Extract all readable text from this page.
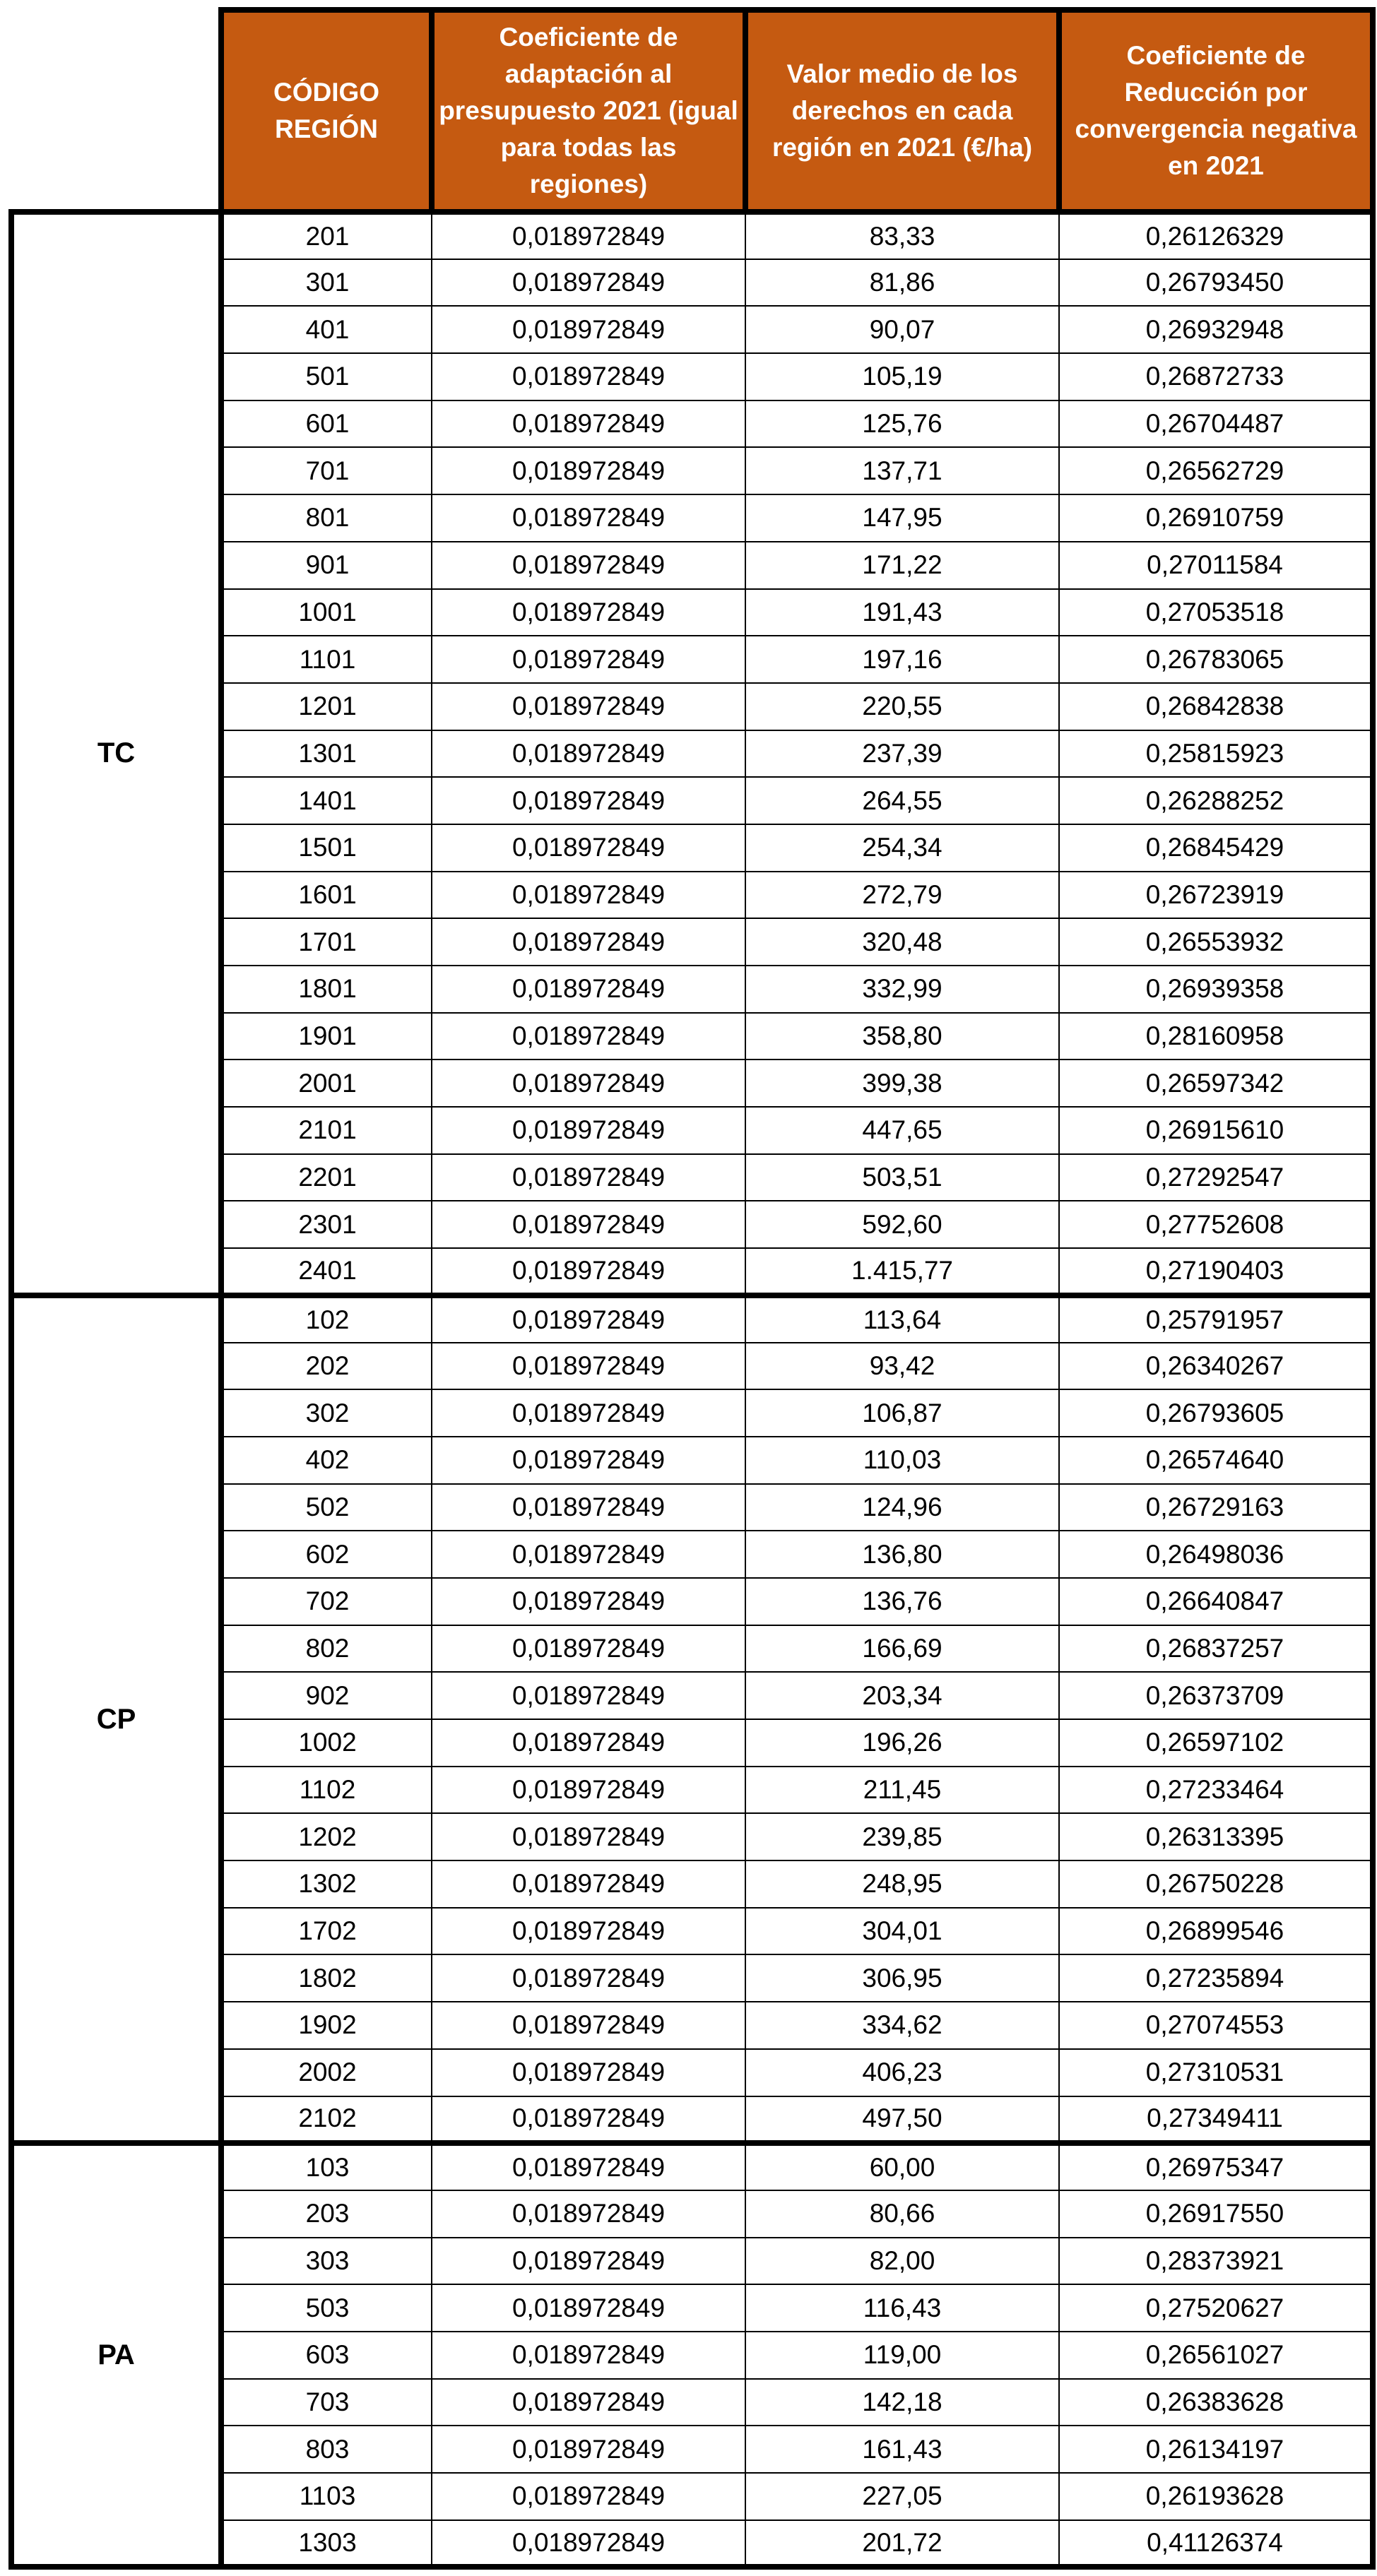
	CÓDIGO REGIÓN	Coeficiente de adaptación al presupuesto 2021 (igual para todas las regiones)	Valor medio de los derechos en cada región en 2021 (€/ha)	Coeficiente de Reducción por convergencia negativa en 2021

TC	201	0,018972849	83,33	0,26126329
	301	0,018972849	81,86	0,26793450
	401	0,018972849	90,07	0,26932948
	501	0,018972849	105,19	0,26872733
	601	0,018972849	125,76	0,26704487
	701	0,018972849	137,71	0,26562729
	801	0,018972849	147,95	0,26910759
	901	0,018972849	171,22	0,27011584
	1001	0,018972849	191,43	0,27053518
	1101	0,018972849	197,16	0,26783065
	1201	0,018972849	220,55	0,26842838
	1301	0,018972849	237,39	0,25815923
	1401	0,018972849	264,55	0,26288252
	1501	0,018972849	254,34	0,26845429
	1601	0,018972849	272,79	0,26723919
	1701	0,018972849	320,48	0,26553932
	1801	0,018972849	332,99	0,26939358
	1901	0,018972849	358,80	0,28160958
	2001	0,018972849	399,38	0,26597342
	2101	0,018972849	447,65	0,26915610
	2201	0,018972849	503,51	0,27292547
	2301	0,018972849	592,60	0,27752608
	2401	0,018972849	1.415,77	0,27190403
CP	102	0,018972849	113,64	0,25791957
	202	0,018972849	93,42	0,26340267
	302	0,018972849	106,87	0,26793605
	402	0,018972849	110,03	0,26574640
	502	0,018972849	124,96	0,26729163
	602	0,018972849	136,80	0,26498036
	702	0,018972849	136,76	0,26640847
	802	0,018972849	166,69	0,26837257
	902	0,018972849	203,34	0,26373709
	1002	0,018972849	196,26	0,26597102
	1102	0,018972849	211,45	0,27233464
	1202	0,018972849	239,85	0,26313395
	1302	0,018972849	248,95	0,26750228
	1702	0,018972849	304,01	0,26899546
	1802	0,018972849	306,95	0,27235894
	1902	0,018972849	334,62	0,27074553
	2002	0,018972849	406,23	0,27310531
	2102	0,018972849	497,50	0,27349411
PA	103	0,018972849	60,00	0,26975347
	203	0,018972849	80,66	0,26917550
	303	0,018972849	82,00	0,28373921
	503	0,018972849	116,43	0,27520627
	603	0,018972849	119,00	0,26561027
	703	0,018972849	142,18	0,26383628
	803	0,018972849	161,43	0,26134197
	1103	0,018972849	227,05	0,26193628
	1303	0,018972849	201,72	0,41126374
